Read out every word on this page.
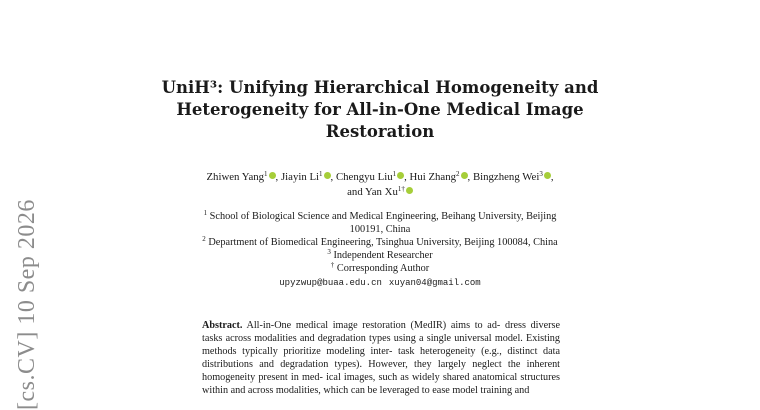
[cs.CV] 10 Sep 2026
UniH³: Unifying Hierarchical Homogeneity and
Heterogeneity for All-in-One Medical Image
Restoration
Zhiwen Yang$^1$ , Jiayin Li$^1$ , Chengyu Liu$^1$ , Hui Zhang$^2$ , Bingzheng Wei$^3$ ,
and Yan $Xu^{1\dagger}$
$^1$ School of Biological Science and Medical Engineering, Beihang University, Beijing
100191, China
$^2$ Department of Biomedical Engineering, Tsinghua University, Beijing 100084, China
$^3$ Independent Researcher
† Corresponding Author
upyzwup@buaa.edu.cn xuyan04@gmail.com
Abstract. All-in-One medical image restoration (MedIR) aims to ad- dress diverse tasks across modalities and degradation types using a single universal model. Existing methods typically prioritize modeling inter- task heterogeneity (e.g., distinct data distributions and degradation types). However, they largely neglect the inherent homogeneity present in med- ical images, such as widely shared anatomical structures within and across modalities, which can be leveraged to ease model training and
